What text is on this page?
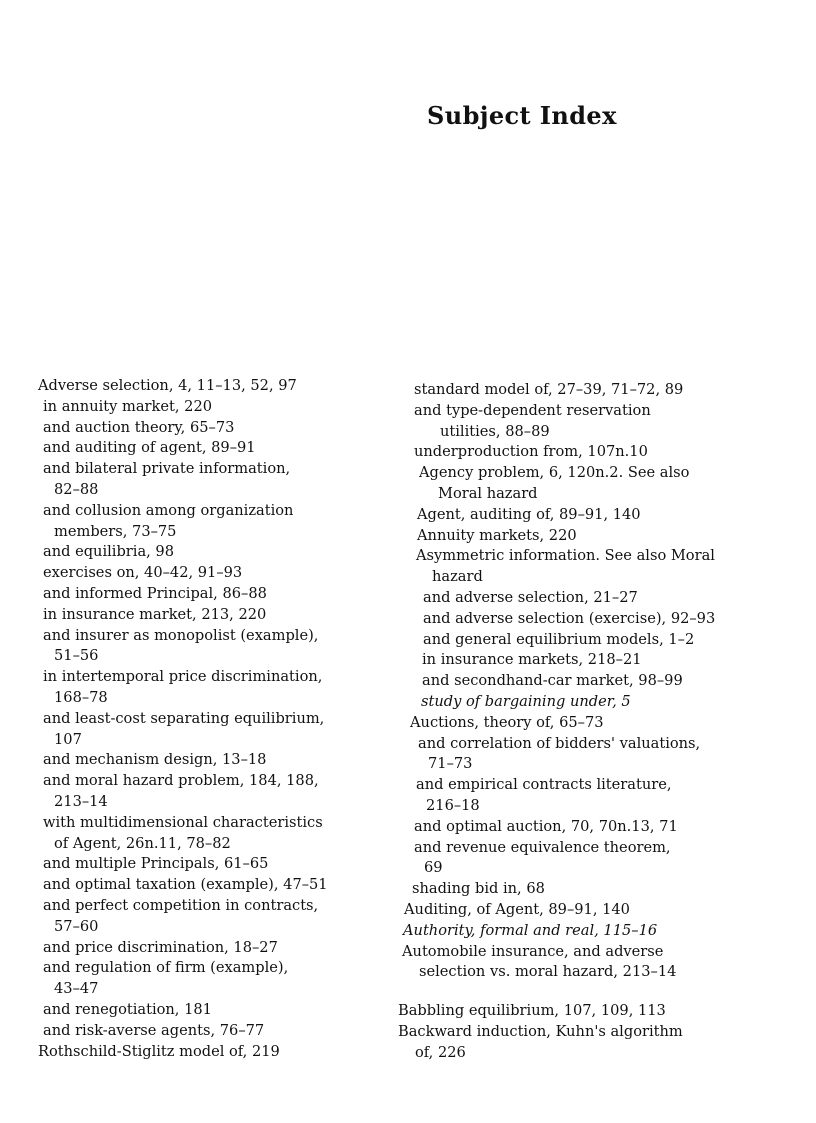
Subject Index
Adverse selection, 4, 11–13, 52, 97
in annuity market, 220
and auction theory, 65–73
and auditing of agent, 89–91
and bilateral private information,
82–88
and collusion among organization
members, 73–75
and equilibria, 98
exercises on, 40–42, 91–93
and informed Principal, 86–88
in insurance market, 213, 220
and insurer as monopolist (example),
51–56
in intertemporal price discrimination,
168–78
and least-cost separating equilibrium,
107
and mechanism design, 13–18
and moral hazard problem, 184, 188,
213–14
with multidimensional characteristics
of Agent, 26n.11, 78–82
and multiple Principals, 61–65
and optimal taxation (example), 47–51
and perfect competition in contracts,
57–60
and price discrimination, 18–27
and regulation of firm (example),
43–47
and renegotiation, 181
and risk-averse agents, 76–77
Rothschild-Stiglitz model of, 219
standard model of, 27–39, 71–72, 89
and type-dependent reservation
utilities, 88–89
underproduction from, 107n.10
Agency problem, 6, 120n.2. See also
Moral hazard
Agent, auditing of, 89–91, 140
Annuity markets, 220
Asymmetric information. See also Moral
hazard
and adverse selection, 21–27
and adverse selection (exercise), 92–93
and general equilibrium models, 1–2
in insurance markets, 218–21
and secondhand-car market, 98–99
study of bargaining under, 5
Auctions, theory of, 65–73
and correlation of bidders' valuations,
71–73
and empirical contracts literature,
216–18
and optimal auction, 70, 70n.13, 71
and revenue equivalence theorem,
69
shading bid in, 68
Auditing, of Agent, 89–91, 140
Authority, formal and real, 115–16
Automobile insurance, and adverse
selection vs. moral hazard, 213–14
Babbling equilibrium, 107, 109, 113
Backward induction, Kuhn's algorithm
of, 226
